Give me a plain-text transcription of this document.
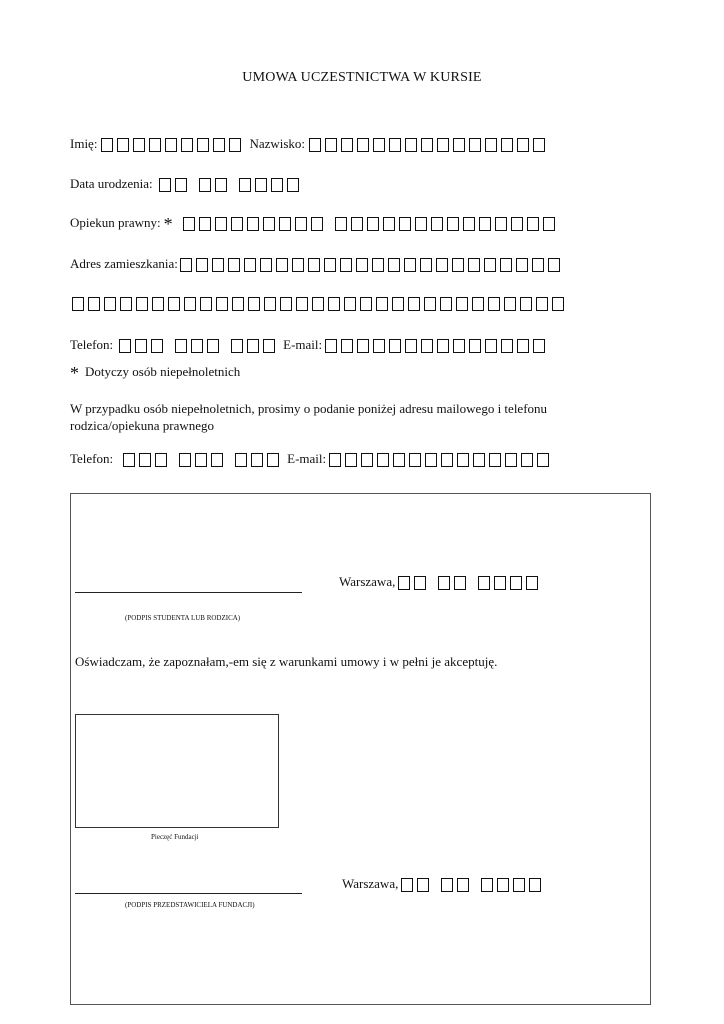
UMOWA UCZESTNICTWA W KURSIE
Imię:	Nazwisko:
Data urodzenia:
Opiekun prawny: *
Adres zamieszkania:
Telefon:	E-mail:
* Dotyczy osób niepełnoletnich
W przypadku osób niepełnoletnich, prosimy o podanie poniżej adresu mailowego i telefonu
rodzica/opiekuna prawnego
Telefon:	E-mail:
Warszawa,
(PODPIS STUDENTA LUB RODZICA)
Oświadczam, że zapoznałam,-em się z warunkami umowy i w pełni je akceptuję.
Pieczęć Fundacji
Warszawa,
(PODPIS PRZEDSTAWICIELA FUNDACJI)
